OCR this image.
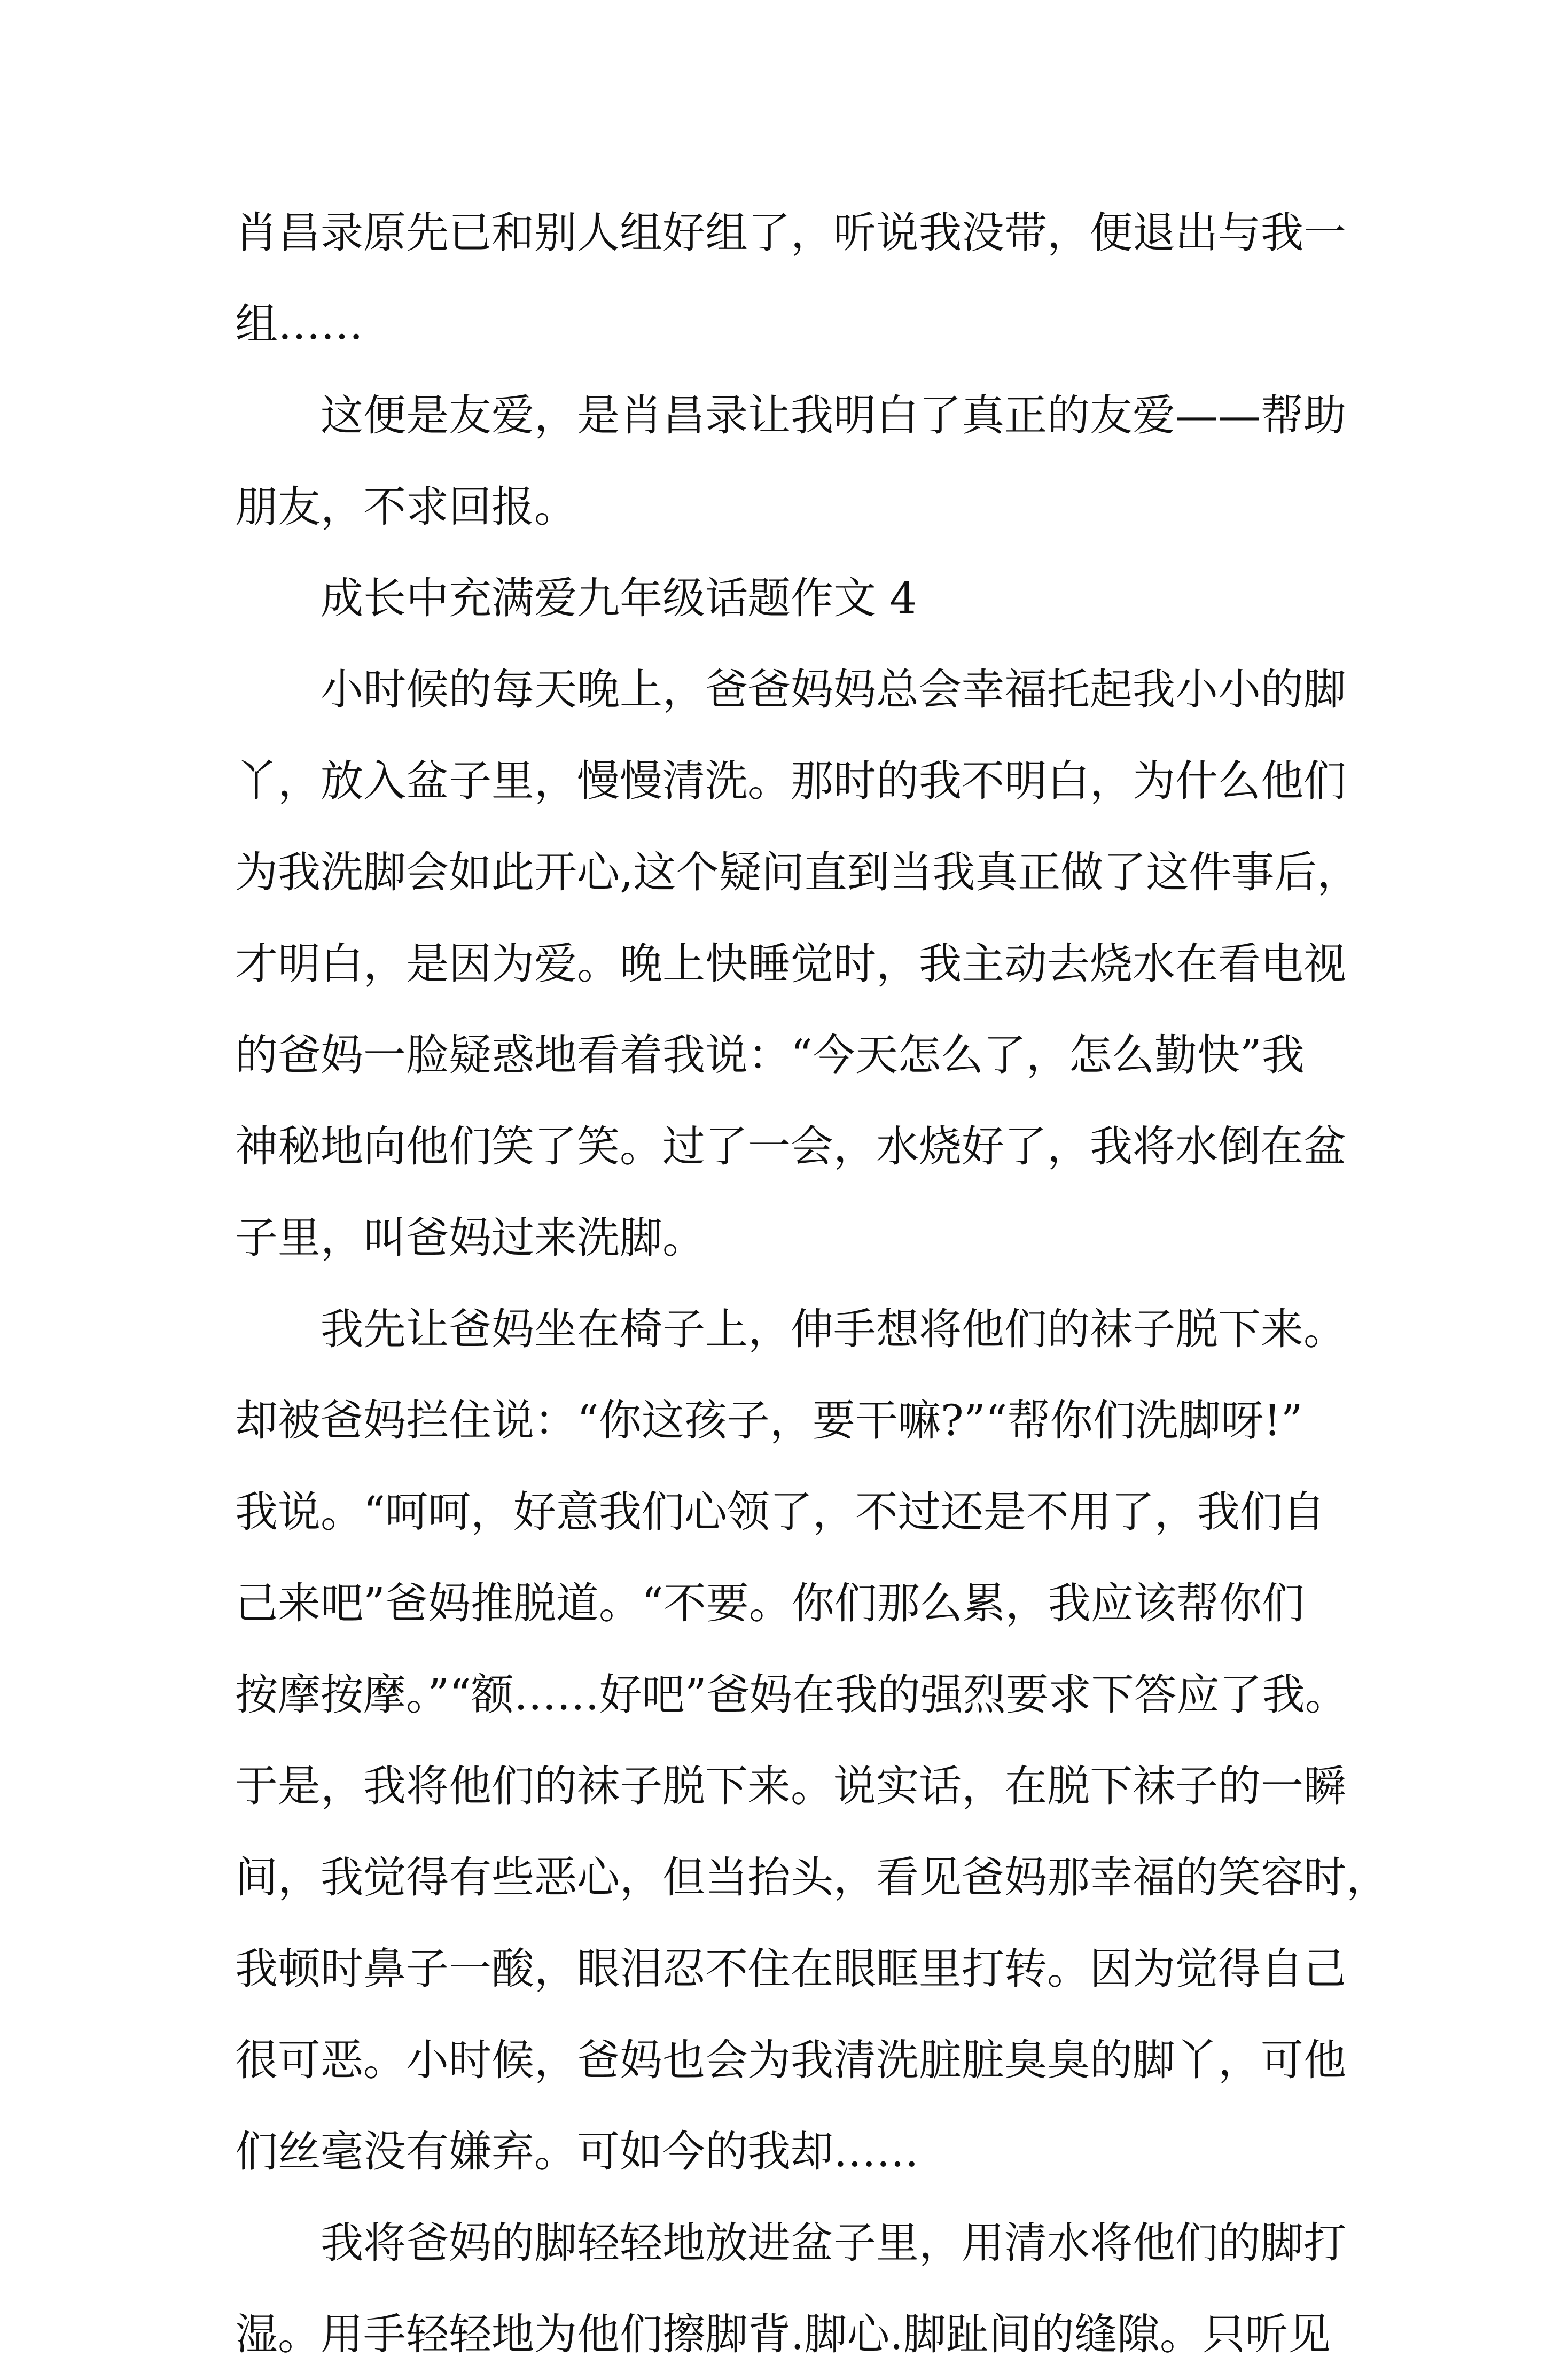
肖昌录原先已和别人组好组了，听说我没带，便退出与我一
组……
这便是友爱，是肖昌录让我明白了真正的友爱——帮助
朋友，不求回报。
成长中充满爱九年级话题作文 4
小时候的每天晚上，爸爸妈妈总会幸福托起我小小的脚
丫，放入盆子里，慢慢清洗。那时的我不明白，为什么他们
为我洗脚会如此开心,这个疑问直到当我真正做了这件事后，
才明白，是因为爱。晚上快睡觉时，我主动去烧水在看电视
的爸妈一脸疑惑地看着我说：“今天怎么了，怎么勤快”我
神秘地向他们笑了笑。过了一会，水烧好了，我将水倒在盆
子里，叫爸妈过来洗脚。
我先让爸妈坐在椅子上，伸手想将他们的袜子脱下来。
却被爸妈拦住说：“你这孩子，要干嘛?”“帮你们洗脚呀!”
我说。“呵呵，好意我们心领了，不过还是不用了，我们自
己来吧”爸妈推脱道。“不要。你们那么累，我应该帮你们
按摩按摩。”“额……好吧”爸妈在我的强烈要求下答应了我。
于是，我将他们的袜子脱下来。说实话，在脱下袜子的一瞬
间，我觉得有些恶心，但当抬头，看见爸妈那幸福的笑容时，
我顿时鼻子一酸，眼泪忍不住在眼眶里打转。因为觉得自己
很可恶。小时候，爸妈也会为我清洗脏脏臭臭的脚丫，可他
们丝毫没有嫌弃。可如今的我却……
我将爸妈的脚轻轻地放进盆子里，用清水将他们的脚打
湿。用手轻轻地为他们擦脚背.脚心.脚趾间的缝隙。只听见
